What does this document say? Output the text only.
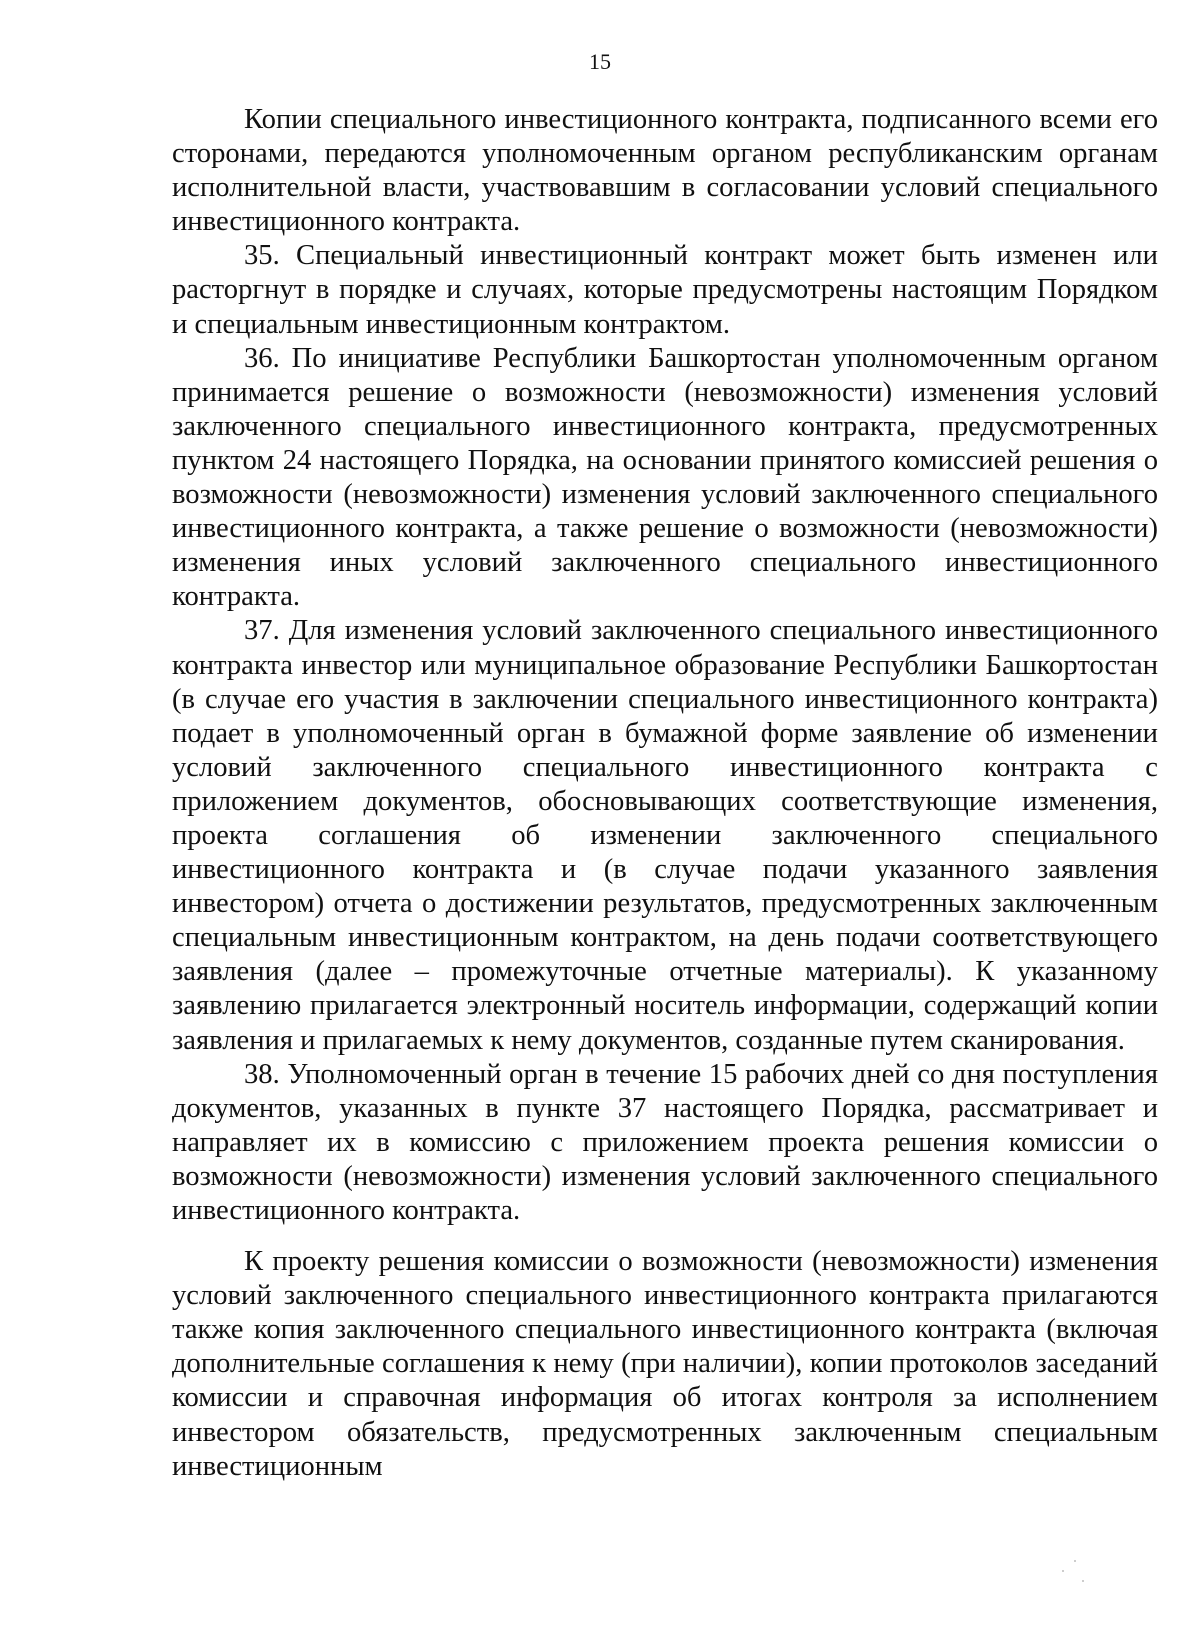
15

Копии специального инвестиционного контракта, подписанного всеми его сторонами, передаются уполномоченным органом республиканским органам исполнительной власти, участвовавшим в согласовании условий специального инвестиционного контракта.

35. Специальный инвестиционный контракт может быть изменен или расторгнут в порядке и случаях, которые предусмотрены настоящим Порядком и специальным инвестиционным контрактом.

36. По инициативе Республики Башкортостан уполномоченным органом принимается решение о возможности (невозможности) изменения условий заключенного специального инвестиционного контракта, предусмотренных пунктом 24 настоящего Порядка, на основании принятого комиссией решения о возможности (невозможности) изменения условий заключенного специального инвестиционного контракта, а также решение о возможности (невозможности) изменения иных условий заключенного специального инвестиционного контракта.

37. Для изменения условий заключенного специального инвестиционного контракта инвестор или муниципальное образование Республики Башкортостан (в случае его участия в заключении специального инвестиционного контракта) подает в уполномоченный орган в бумажной форме заявление об изменении условий заключенного специального инвестиционного контракта с приложением документов, обосновывающих соответствующие изменения, проекта соглашения об изменении заключенного специального инвестиционного контракта и (в случае подачи указанного заявления инвестором) отчета о достижении результатов, предусмотренных заключенным специальным инвестиционным контрактом, на день подачи соответствующего заявления (далее – промежуточные отчетные материалы). К указанному заявлению прилагается электронный носитель информации, содержащий копии заявления и прилагаемых к нему документов, созданные путем сканирования.

38. Уполномоченный орган в течение 15 рабочих дней со дня поступления документов, указанных в пункте 37 настоящего Порядка, рассматривает и направляет их в комиссию с приложением проекта решения комиссии о возможности (невозможности) изменения условий заключенного специального инвестиционного контракта.

К проекту решения комиссии о возможности (невозможности) изменения условий заключенного специального инвестиционного контракта прилагаются также копия заключенного специального инвестиционного контракта (включая дополнительные соглашения к нему (при наличии), копии протоколов заседаний комиссии и справочная информация об итогах контроля за исполнением инвестором обязательств, предусмотренных заключенным специальным инвестиционным
